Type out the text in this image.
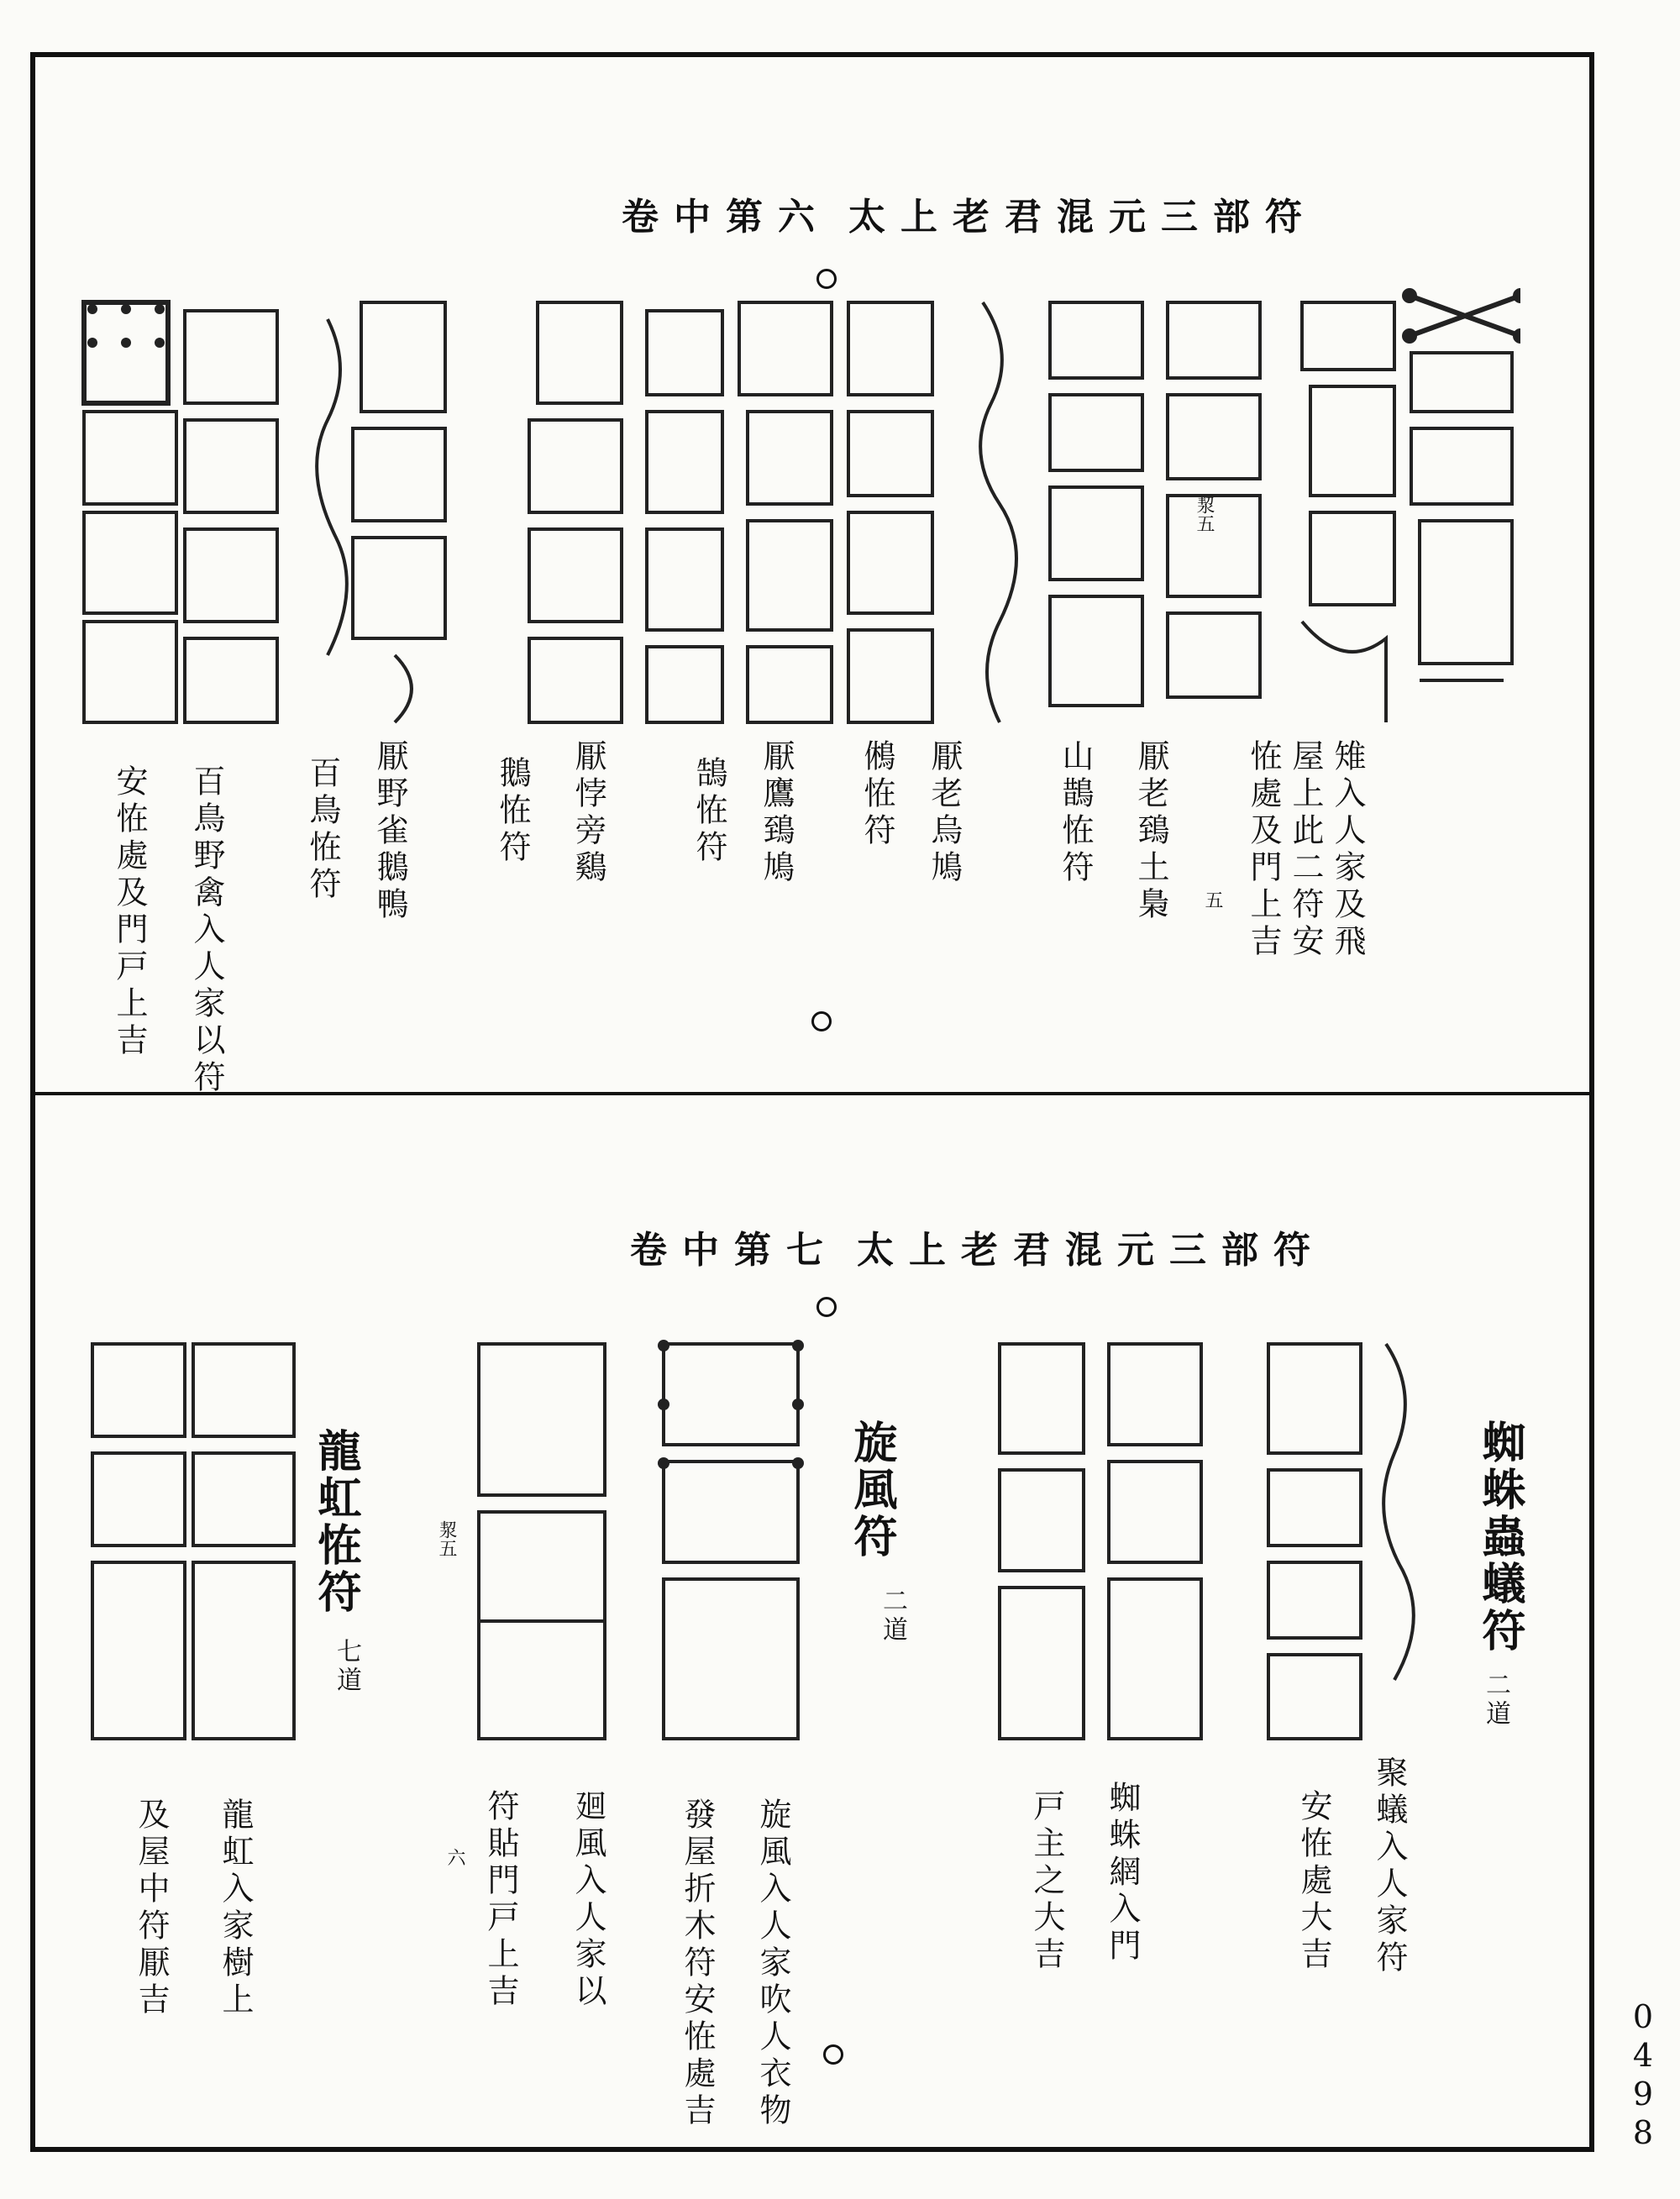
0498
卷中第六 太上老君混元三部符
洯五
五	雉入人家及飛
屋上此二符安
恠處及門上吉
厭老鵄土梟
山鵲恠符
厭老烏鳩
鵂恠符
厭鷹鵄鳩
鵠恠符
厭悖旁鷄
鵝恠符
厭野雀鵝鴨
百鳥恠符
百鳥野禽入人家以符
安恠處及門戸上吉
卷中第七 太上老君混元三部符
洯五
六
蜘蛛蟲蟻符
二道
旋風符
二道
龍虹恠符
七道
聚蟻入人家符
安恠處大吉
蜘蛛網入門
戸主之大吉
旋風入人家吹人衣物
發屋折木符安恠處吉
廻風入人家以
符貼門戸上吉
龍虹入家樹上
及屋中符厭吉
